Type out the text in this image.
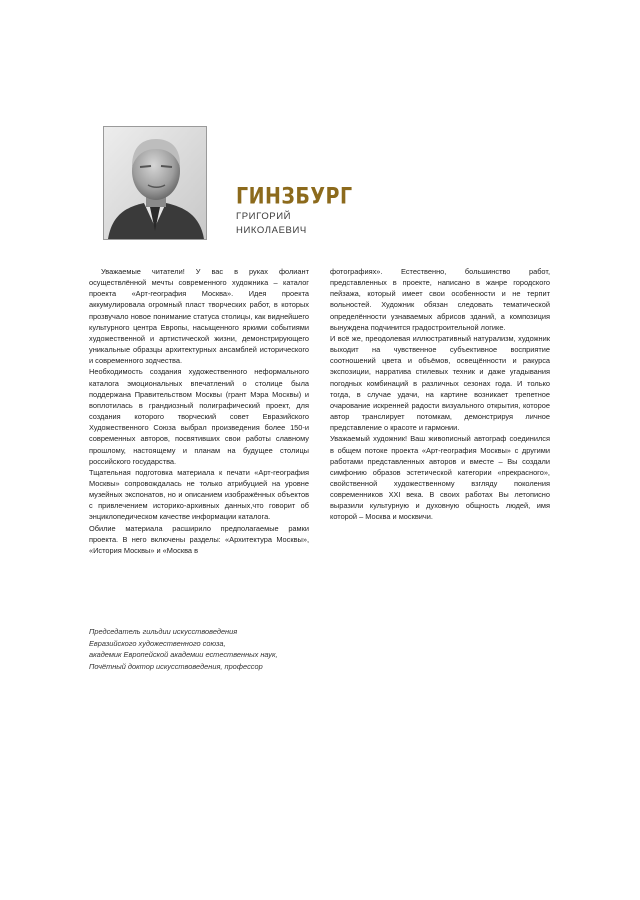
ГИНЗБУРГ
ГРИГОРИЙ
НИКОЛАЕВИЧ

Уважаемые читатели! У вас в руках фолиант осуществлённой мечты современного художника – каталог проекта «Арт-география Москва». Идея проекта аккумулировала огромный пласт творческих работ, в которых прозвучало новое понимание статуса столицы, как виднейшего культурного центра Европы, насыщенного яркими событиями художественной и артистической жизни, демонстрирующего уникальные образцы архитектурных ансамблей исторического и современного зодчества.

Необходимость создания художественного неформального каталога эмоциональных впечатлений о столице была поддержана Правительством Москвы (грант Мэра Москвы) и воплотилась в грандиозный полиграфический проект, для создания которого творческий совет Евразийского Художественного Союза выбрал произведения более 150-и современных авторов, посвятивших свои работы славному прошлому, настоящему и планам на будущее столицы российского государства.

Тщательная подготовка материала к печати «Арт-география Москвы» сопровождалась не только атрибуцией на уровне музейных экспонатов, но и описанием изображённых объектов с привлечением историко-архивных данных,что говорит об энциклопедическом качестве информации каталога.

Обилие материала расширило предполагаемые рамки проекта. В него включены разделы: «Архитектура Москвы», «История Москвы» и «Москва в

фотографиях». Естественно, большинство работ, представленных в проекте, написано в жанре городского пейзажа, который имеет свои особенности и не терпит вольностей. Художник обязан следовать тематической определённости узнаваемых абрисов зданий, а композиция вынуждена подчинится градостроительной логике.

И всё же, преодолевая иллюстративный натурализм, художник выходит на чувственное субъективное восприятие соотношений цвета и объёмов, освещённости и ракурса экспозиции, нарратива стилевых техник и даже угадывания погодных комбинаций в различных сезонах года. И только тогда, в случае удачи, на картине возникает трепетное очарование искренней радости визуального открытия, которое автор транслирует потомкам, демонстрируя личное представление о красоте и гармонии.

Уважаемый художник! Ваш живописный автограф соединился в общем потоке проекта «Арт-география Москвы» с другими работами представленных авторов и вместе – Вы создали симфонию образов эстетической категории «прекрасного», свойственной художественному взгляду поколения современников XXI века. В своих работах Вы летописно выразили культурную и духовную общность людей, имя которой – Москва и москвичи.

Председатель гильдии искусствоведения
Евразийского художественного союза,
академик Европейской академии естественных наук,
Почётный доктор искусствоведения, профессор
